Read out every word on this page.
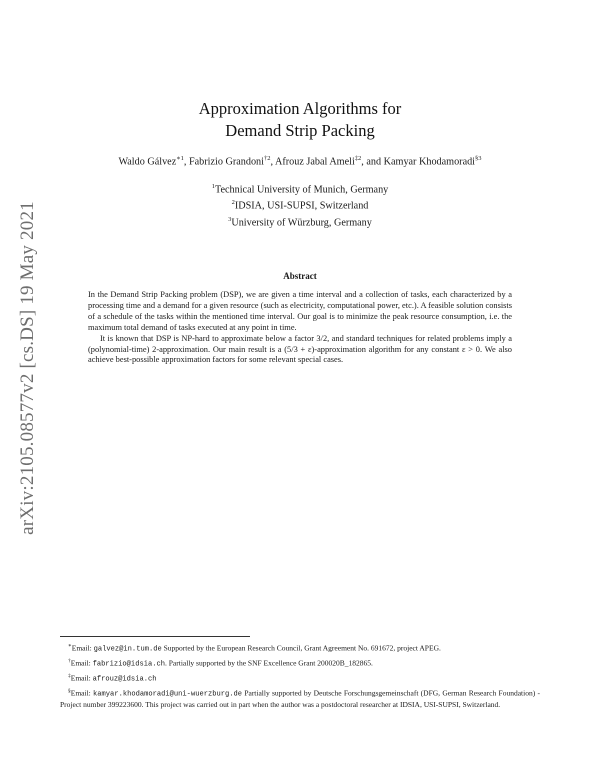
arXiv:2105.08577v2 [cs.DS] 19 May 2021
Approximation Algorithms for
Demand Strip Packing
Waldo Gálvez$^{∗1}$, Fabrizio Grandoni$^{\dagger 2}$, Afrouz Jabal Ameli$^{\ddagger 2}$, and Kamyar Khodamoradi$^{\S 3}$
$^1$Technical University of Munich, Germany
$^2$IDSIA, USI-SUPSI, Switzerland
$^3$University of Würzburg, Germany
Abstract

In the Demand Strip Packing problem (DSP), we are given a time interval and a collection of tasks, each characterized by a processing time and a demand for a given resource (such as electricity, computational power, etc.). A feasible solution consists of a schedule of the tasks within the mentioned time interval. Our goal is to minimize the peak resource consumption, i.e. the maximum total demand of tasks executed at any point in time.

It is known that DSP is NP-hard to approximate below a factor 3/2, and standard techniques for related problems imply a (polynomial-time) 2-approximation. Our main result is a (5/3 + ε)-approximation algorithm for any constant ε > 0. We also achieve best-possible approximation factors for some relevant special cases.

∗Email: galvez@in.tum.de Supported by the European Research Council, Grant Agreement No. 691672, project APEG.

†Email: fabrizio@idsia.ch. Partially supported by the SNF Excellence Grant 200020B_182865.

‡Email: afrouz@idsia.ch

§Email: kamyar.khodamoradi@uni-wuerzburg.de Partially supported by Deutsche Forschungsgemeinschaft (DFG, German Research Foundation) - Project number 399223600. This project was carried out in part when the author was a postdoctoral researcher at IDSIA, USI-SUPSI, Switzerland.
